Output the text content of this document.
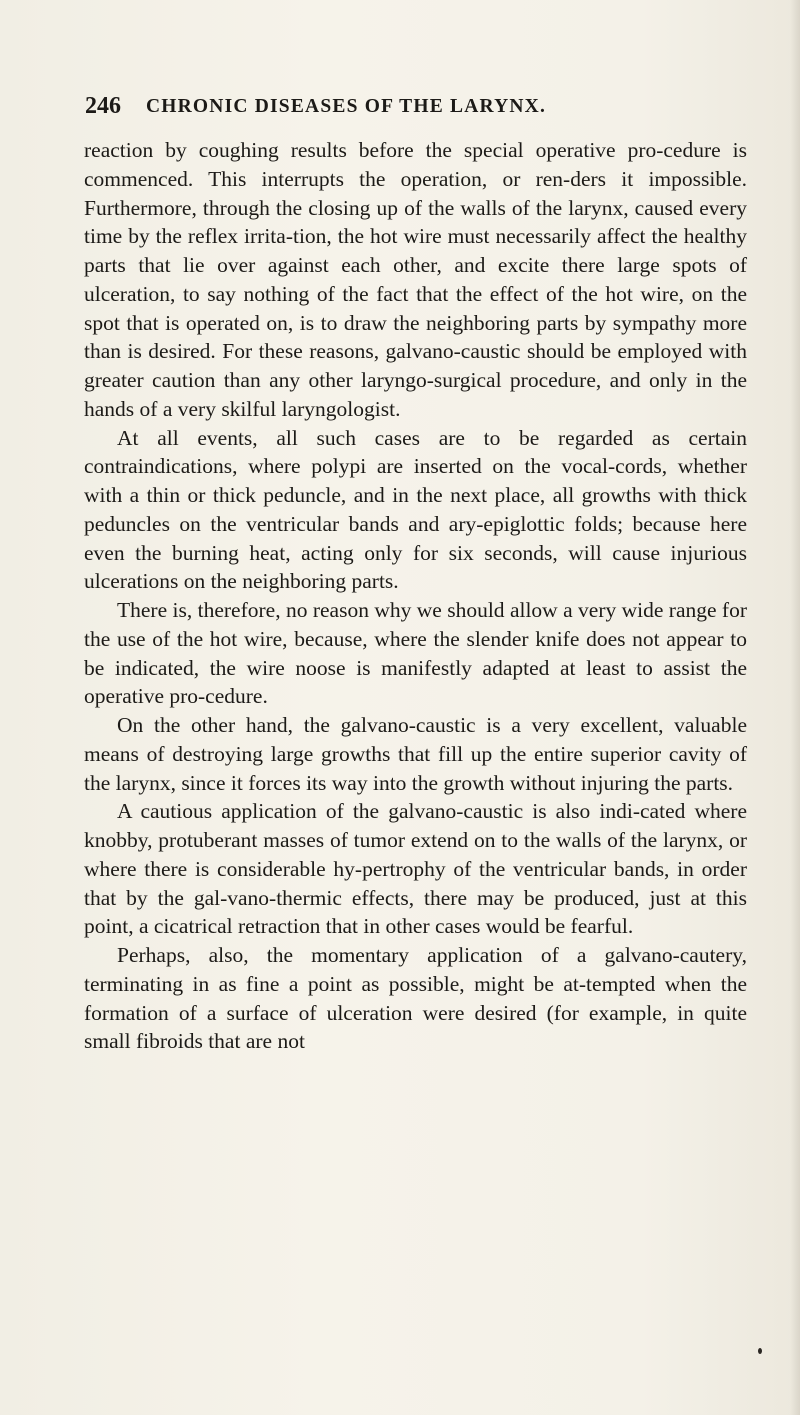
246 CHRONIC DISEASES OF THE LARYNX.

reaction by coughing results before the special operative pro-cedure is commenced. This interrupts the operation, or ren-ders it impossible. Furthermore, through the closing up of the walls of the larynx, caused every time by the reflex irrita-tion, the hot wire must necessarily affect the healthy parts that lie over against each other, and excite there large spots of ulceration, to say nothing of the fact that the effect of the hot wire, on the spot that is operated on, is to draw the neighboring parts by sympathy more than is desired. For these reasons, galvano-caustic should be employed with greater caution than any other laryngo-surgical procedure, and only in the hands of a very skilful laryngologist.

At all events, all such cases are to be regarded as certain contraindications, where polypi are inserted on the vocal-cords, whether with a thin or thick peduncle, and in the next place, all growths with thick peduncles on the ventricular bands and ary-epiglottic folds; because here even the burning heat, acting only for six seconds, will cause injurious ulcerations on the neighboring parts.

There is, therefore, no reason why we should allow a very wide range for the use of the hot wire, because, where the slender knife does not appear to be indicated, the wire noose is manifestly adapted at least to assist the operative pro-cedure.

On the other hand, the galvano-caustic is a very excellent, valuable means of destroying large growths that fill up the entire superior cavity of the larynx, since it forces its way into the growth without injuring the parts.

A cautious application of the galvano-caustic is also indi-cated where knobby, protuberant masses of tumor extend on to the walls of the larynx, or where there is considerable hy-pertrophy of the ventricular bands, in order that by the gal-vano-thermic effects, there may be produced, just at this point, a cicatrical retraction that in other cases would be fearful.

Perhaps, also, the momentary application of a galvano-cautery, terminating in as fine a point as possible, might be at-tempted when the formation of a surface of ulceration were desired (for example, in quite small fibroids that are not
